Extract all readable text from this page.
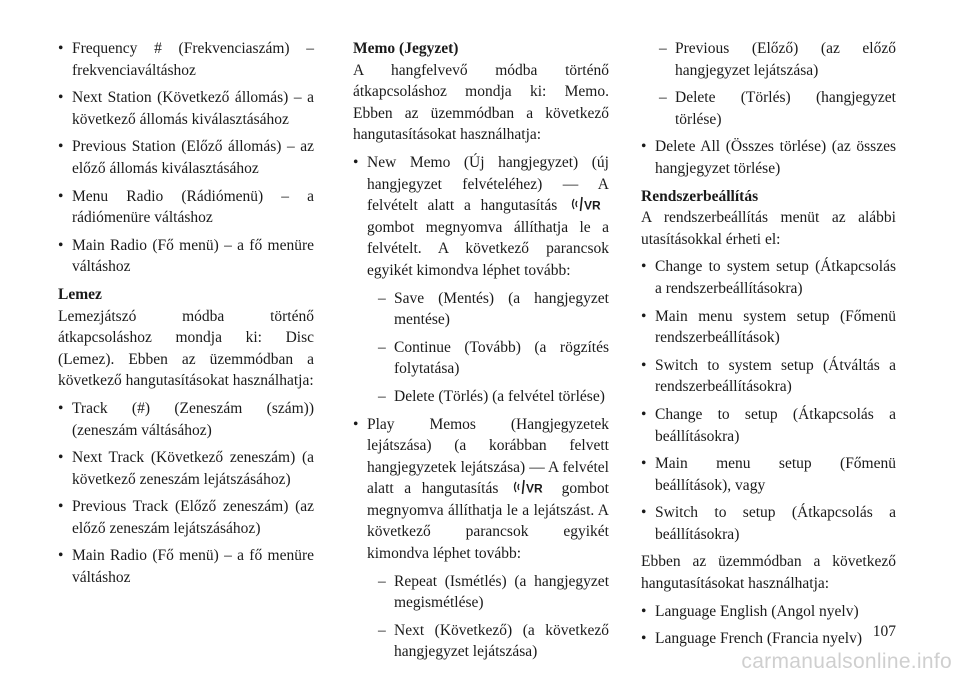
• Frequency # (Frekvenciaszám) – frekvenciaváltáshoz
• Next Station (Következő állomás) – a következő állomás kiválasztásához
• Previous Station (Előző állomás) – az előző állomás kiválasztásához
• Menu Radio (Rádiómenü) – a rádiómenüre váltáshoz
• Main Radio (Fő menü) – a fő menüre váltáshoz

Lemez

Lemezjátszó módba történő átkapcsoláshoz mondja ki: Disc (Lemez). Ebben az üzemmódban a következő hangutasításokat használhatja:

• Track (#) (Zeneszám (szám)) (zeneszám váltásához)
• Next Track (Következő zeneszám) (a következő zeneszám lejátszásához)
• Previous Track (Előző zeneszám) (az előző zeneszám lejátszásához)
• Main Radio (Fő menü) – a fő menüre váltáshoz

Memo (Jegyzet)

A hangfelvevő módba történő átkapcsoláshoz mondja ki: Memo. Ebben az üzemmódban a következő hangutasításokat használhatja:

• New Memo (Új hangjegyzet) (új hangjegyzet felvételéhez) — A felvételt alatt a hangutasítás VR
gombot megnyomva állíthatja le a felvételt. A következő parancsok egyikét kimondva léphet tovább:
– Save (Mentés) (a hangjegyzet mentése)
– Continue (Tovább) (a rögzítés folytatása)
– Delete (Törlés) (a felvétel törlése)
• Play Memos (Hangjegyzetek lejátszása) (a korábban felvett hangjegyzetek lejátszása) — A felvétel alatt a hangutasítás VR gombot megnyomva állíthatja le a lejátszást. A következő parancsok egyikét kimondva léphet tovább:
– Repeat (Ismétlés) (a hangjegyzet megismétlése)
– Next (Következő) (a következő hangjegyzet lejátszása)
– Previous (Előző) (az előző hangjegyzet lejátszása)
– Delete (Törlés) (hangjegyzet törlése)
• Delete All (Összes törlése) (az összes hangjegyzet törlése)

Rendszerbeállítás

A rendszerbeállítás menüt az alábbi utasításokkal érheti el:

• Change to system setup (Átkapcsolás a rendszerbeállításokra)
• Main menu system setup (Főmenü rendszerbeállítások)
• Switch to system setup (Átváltás a rendszerbeállításokra)
• Change to setup (Átkapcsolás a beállításokra)
• Main menu setup (Főmenü beállítások), vagy
• Switch to setup (Átkapcsolás a beállításokra)

Ebben az üzemmódban a következő hangutasításokat használhatja:

• Language English (Angol nyelv)
• Language French (Francia nyelv) 107
carmanualsonline.info
